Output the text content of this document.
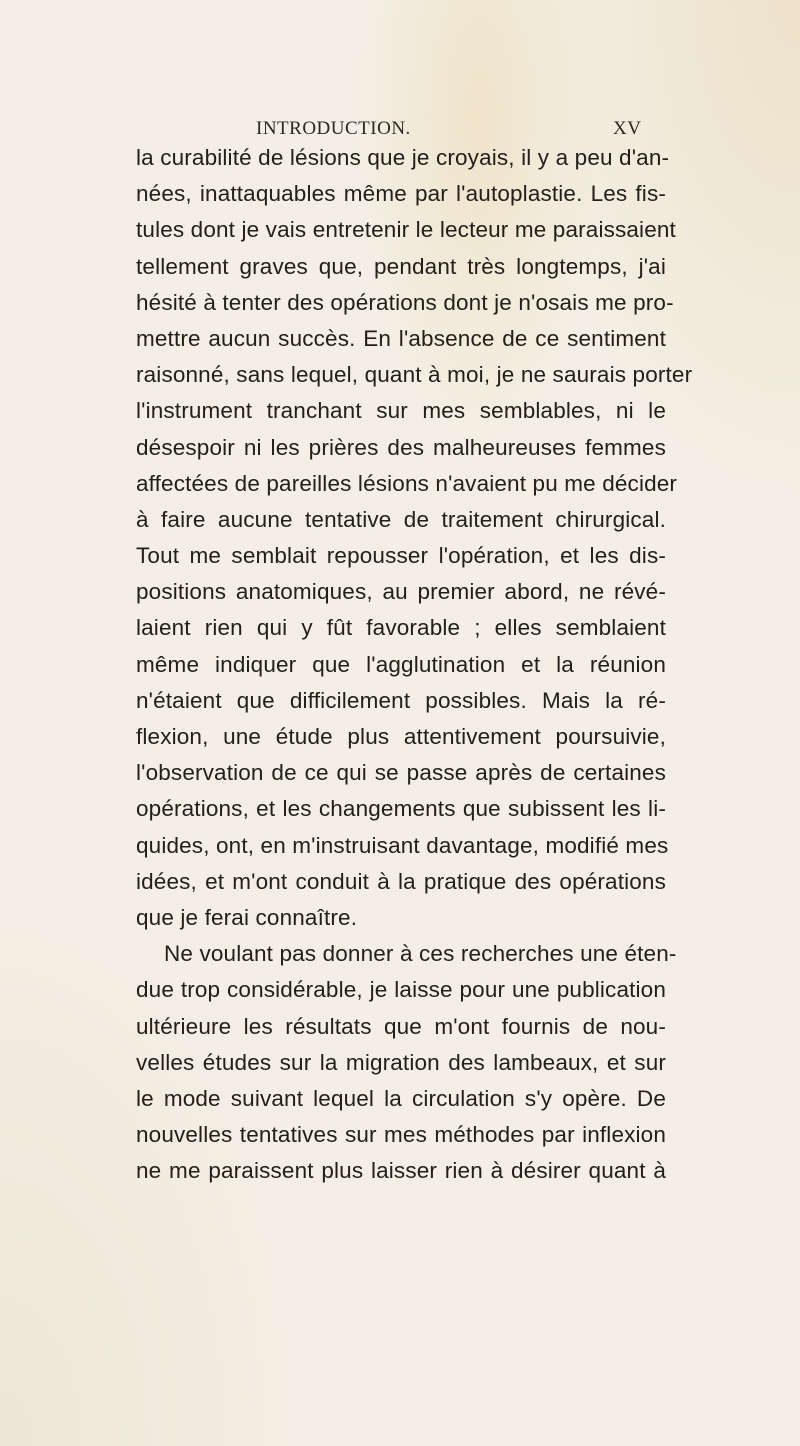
INTRODUCTION.	XV
la curabilité de lésions que je croyais, il y a peu d'an-
nées, inattaquables même par l'autoplastie. Les fis-
tules dont je vais entretenir le lecteur me paraissaient
tellement graves que, pendant très longtemps, j'ai
hésité à tenter des opérations dont je n'osais me pro-
mettre aucun succès. En l'absence de ce sentiment
raisonné, sans lequel, quant à moi, je ne saurais porter
l'instrument tranchant sur mes semblables, ni le
désespoir ni les prières des malheureuses femmes
affectées de pareilles lésions n'avaient pu me décider
à faire aucune tentative de traitement chirurgical.
Tout me semblait repousser l'opération, et les dis-
positions anatomiques, au premier abord, ne révé-
laient rien qui y fût favorable ; elles semblaient
même indiquer que l'agglutination et la réunion
n'étaient que difficilement possibles. Mais la ré-
flexion, une étude plus attentivement poursuivie,
l'observation de ce qui se passe après de certaines
opérations, et les changements que subissent les li-
quides, ont, en m'instruisant davantage, modifié mes
idées, et m'ont conduit à la pratique des opérations
que je ferai connaître.
Ne voulant pas donner à ces recherches une éten-
due trop considérable, je laisse pour une publication
ultérieure les résultats que m'ont fournis de nou-
velles études sur la migration des lambeaux, et sur
le mode suivant lequel la circulation s'y opère. De
nouvelles tentatives sur mes méthodes par inflexion
ne me paraissent plus laisser rien à désirer quant à
